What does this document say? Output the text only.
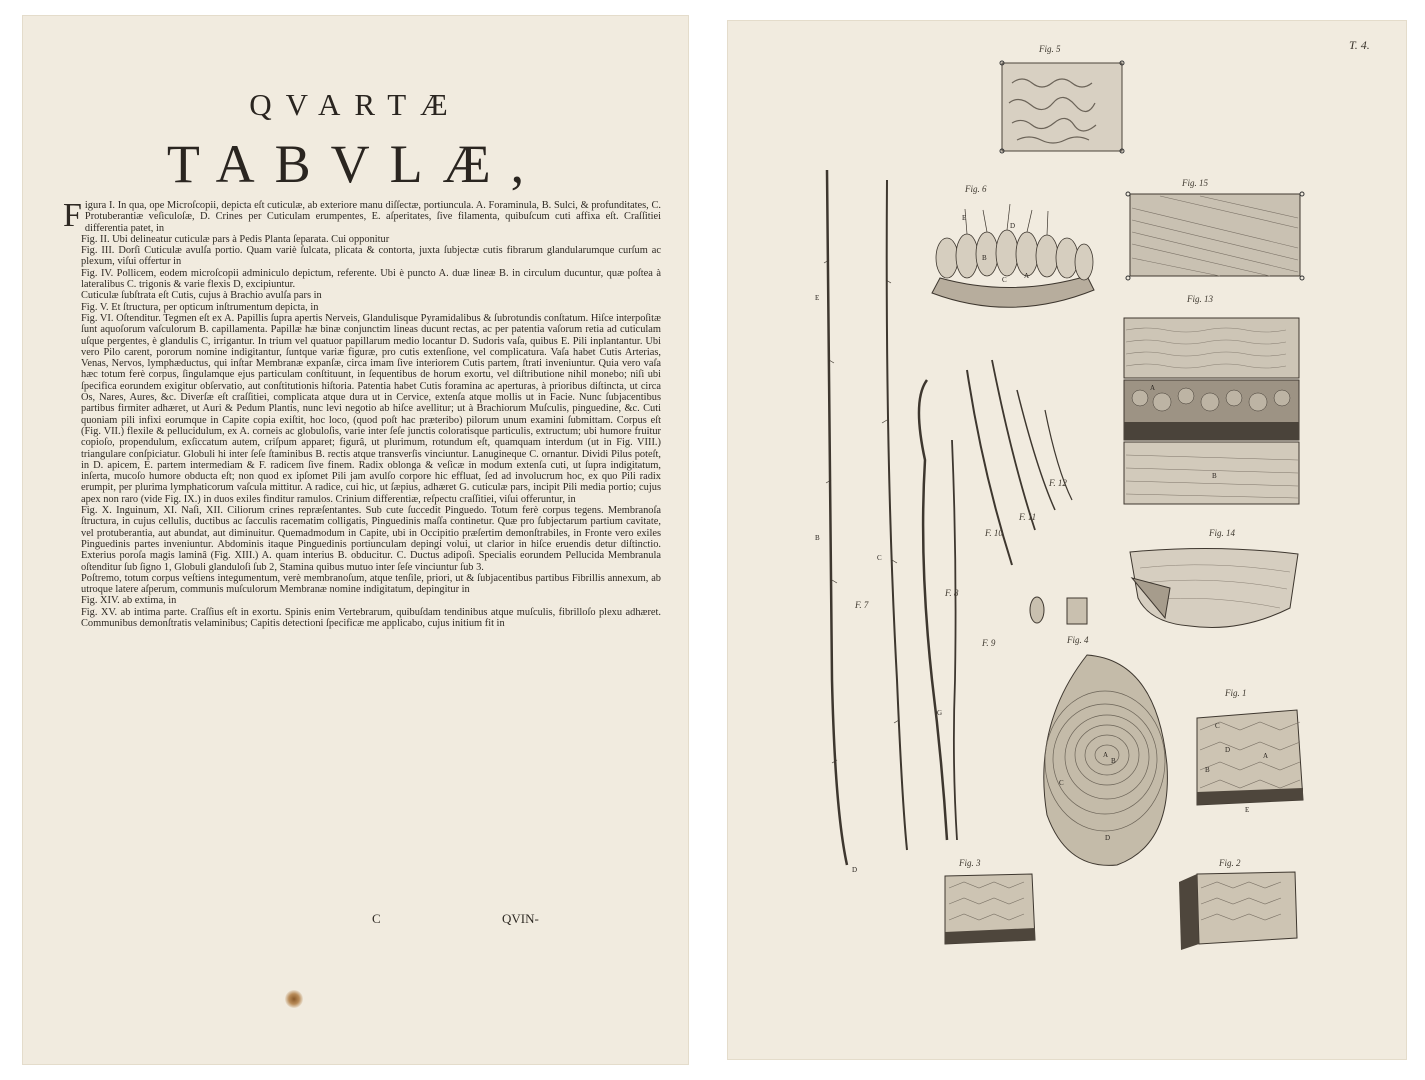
QVARTÆ
TABVLÆ,

Figura I. In qua, ope Microſcopii, depicta eſt cuticulæ, ab exteriore manu diſſectæ, portiuncula. A. Foraminula, B. Sulci, & profunditates, C. Protuberantiæ veſiculoſæ, D. Crines per Cuticulam erumpentes, E. aſperitates, ſive filamenta, quibuſcum cuti affixa eſt. Craſſitiei differentia patet, in

Fig. II. Ubi delineatur cuticulæ pars à Pedis Planta ſeparata. Cui opponitur

Fig. III. Dorſi Cuticulæ avulſa portio. Quam variè ſulcata, plicata & contorta, juxta ſubjectæ cutis fibrarum glandularumque curſum ac plexum, viſui offertur in

Fig. IV. Pollicem, eodem microſcopii adminiculo depictum, referente. Ubi è puncto A. duæ lineæ B. in circulum ducuntur, quæ poſtea à lateralibus C. trigonis & varie flexis D, excipiuntur.

Cuticulæ ſubſtrata eſt Cutis, cujus à Brachio avulſa pars in

Fig. V. Et ſtructura, per opticum inſtrumentum depicta, in

Fig. VI. Oſtenditur. Tegmen eſt ex A. Papillis ſupra apertis Nerveis, Glandulisque Pyramidalibus & ſubrotundis conſtatum. Hiſce interpoſitæ ſunt aquoſorum vaſculorum B. capillamenta. Papillæ hæ binæ conjunctim lineas ducunt rectas, ac per patentia vaſorum retia ad cuticulam uſque pergentes, è glandulis C, irrigantur. In trium vel quatuor papillarum medio locantur D. Sudoris vaſa, quibus E. Pili inplantantur. Ubi vero Pilo carent, pororum nomine indigitantur, ſuntque variæ figuræ, pro cutis extenſione, vel complicatura. Vaſa habet Cutis Arterias, Venas, Nervos, lymphæductus, qui inſtar Membranæ expanſæ, circa imam ſive interiorem Cutis partem, ſtrati inveniuntur. Quia vero vaſa hæc totum ferè corpus, ſingulamque ejus particulam conſtituunt, in ſequentibus de horum exortu, vel diſtributione nihil monebo; niſi ubi ſpecifica eorundem exigitur obſervatio, aut conſtitutionis hiſtoria. Patentia habet Cutis foramina ac aperturas, à prioribus diſtincta, ut circa Os, Nares, Aures, &c. Diverſæ eſt craſſitiei, complicata atque dura ut in Cervice, extenſa atque mollis ut in Facie. Nunc ſubjacentibus partibus firmiter adhæret, ut Auri & Pedum Plantis, nunc levi negotio ab hiſce avellitur; ut à Brachiorum Muſculis, pinguedine, &c. Cuti quoniam pili infixi eorumque in Capite copia exiſtit, hoc loco, (quod poſt hac præteribo) pilorum unum examini ſubmittam. Corpus eſt (Fig. VII.) flexile & pellucidulum, ex A. corneis ac globuloſis, varie inter ſeſe junctis coloratisque particulis, extructum; ubi humore fruitur copioſo, propendulum, exſiccatum autem, criſpum apparet; figurâ, ut plurimum, rotundum eſt, quamquam interdum (ut in Fig. VIII.) triangulare conſpiciatur. Globuli hi inter ſeſe ſtaminibus B. rectis atque transverſis vinciuntur. Lanugineque C. ornantur. Dividi Pilus poteſt, in D. apicem, E. partem intermediam & F. radicem ſive finem. Radix oblonga & veſicæ in modum extenſa cuti, ut ſupra indigitatum, inſerta, mucoſo humore obducta eſt; non quod ex ipſomet Pili jam avulſo corpore hic effluat, ſed ad involucrum hoc, ex quo Pili radix erumpit, per plurima lymphaticorum vaſcula mittitur. A radice, cui hic, ut ſæpius, adhæret G. cuticulæ pars, incipit Pili media portio; cujus apex non raro (vide Fig. IX.) in duos exiles finditur ramulos. Crinium differentiæ, reſpectu craſſitiei, viſui offeruntur, in

Fig. X. Inguinum, XI. Naſi, XII. Ciliorum crines repræſentantes. Sub cute ſuccedit Pinguedo. Totum ferè corpus tegens. Membranoſa ſtructura, in cujus cellulis, ductibus ac ſacculis racematim colligatis, Pinguedinis maſſa continetur. Quæ pro ſubjectarum partium cavitate, vel protuberantia, aut abundat, aut diminuitur. Quemadmodum in Capite, ubi in Occipitio præſertim demonſtrabiles, in Fronte vero exiles Pinguedinis partes inveniuntur. Abdominis itaque Pinguedinis portiunculam depingi volui, ut clarior in hiſce eruendis detur diſtinctio. Exterius poroſa magis laminâ (Fig. XIII.) A. quam interius B. obducitur. C. Ductus adipoſi. Specialis eorundem Pellucida Membranula oſtenditur ſub ſigno 1, Globuli glanduloſi ſub 2, Stamina quibus mutuo inter ſeſe vinciuntur ſub 3.

Poſtremo, totum corpus veſtiens integumentum, verè membranoſum, atque tenſile, priori, ut & ſubjacentibus partibus Fibrillis annexum, ab utroque latere aſperum, communis muſculorum Membranæ nomine indigitatum, depingitur in

Fig. XIV. ab extima, in

Fig. XV. ab intima parte. Craſſius eſt in exortu. Spinis enim Vertebrarum, quibuſdam tendinibus atque muſculis, fibrilloſo plexu adhæret. Communibus demonſtratis velaminibus; Capitis detectioni ſpecificæ me applicabo, cujus initium fit in

C	QVIN-
T. 4.
Fig. 5
Fig. 6
E
D
B
A
C
Fig. 15
Fig. 13
A
B
Fig. 14
F. 7
F. 8
F. 9
E
B
C
D
G
F. 10
F. 11
F. 12
Fig. 4
A
B
C
D
Fig. 1
C
D
A
B
E
Fig. 3	Fig. 2
